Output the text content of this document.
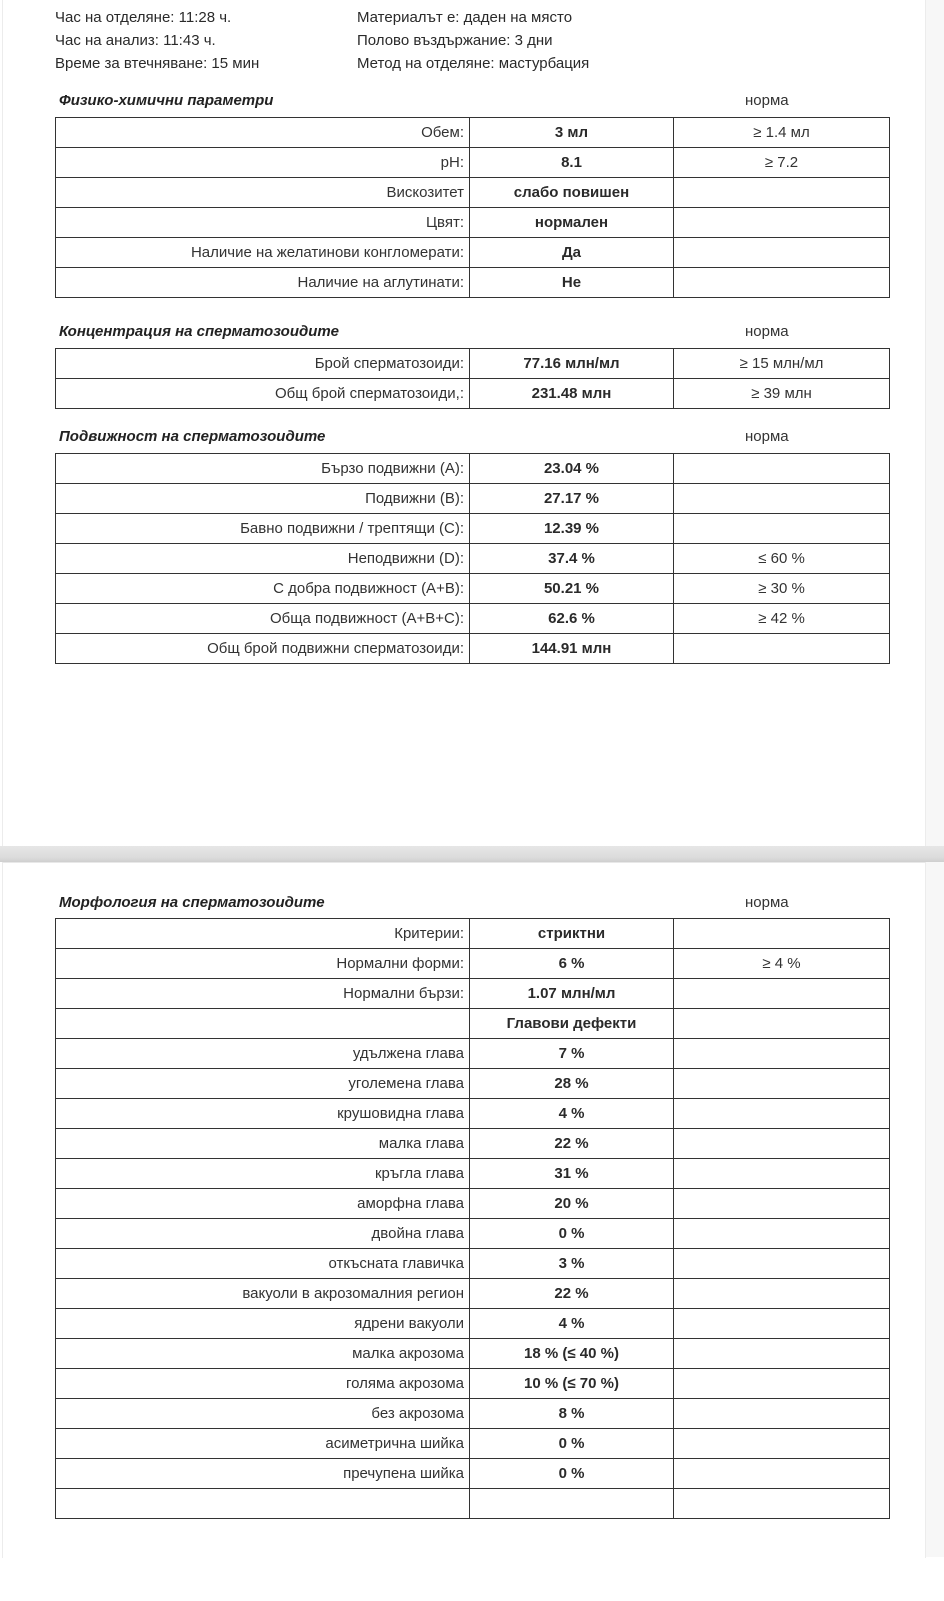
Час на отделяне: 11:28 ч.
Час на анализ: 11:43 ч.
Време за втечняване: 15 мин
Материалът е: даден на място
Полово въздържание: 3 дни
Метод на отделяне: мастурбация
Физико-химични параметри	норма
Обем:	3 мл	≥ 1.4 мл
pH:	8.1	≥ 7.2
Вискозитет	слабо повишен	
Цвят:	нормален	
Наличие на желатинови конгломерати:	Да	
Наличие на аглутинати:	Не	
Концентрация на сперматозоидите	норма
Брой сперматозоиди:	77.16 млн/мл	≥ 15 млн/мл
Общ брой сперматозоиди,:	231.48 млн	≥ 39 млн
Подвижност на сперматозоидите	норма
Бързо подвижни (A):	23.04 %	
Подвижни (B):	27.17 %	
Бавно подвижни / трептящи (C):	12.39 %	
Неподвижни (D):	37.4 %	≤ 60 %
С добра подвижност (A+B):	50.21 %	≥ 30 %
Обща подвижност (A+B+C):	62.6 %	≥ 42 %
Общ брой подвижни сперматозоиди:	144.91 млн	
Морфология на сперматозоидите	норма
Критерии:	стриктни	
Нормални форми:	6 %	≥ 4 %
Нормални бързи:	1.07 млн/мл	
	Главови дефекти	
удължена глава	7 %	
уголемена глава	28 %	
крушовидна глава	4 %	
малка глава	22 %	
кръгла глава	31 %	
аморфна глава	20 %	
двойна глава	0 %	
откъсната главичка	3 %	
вакуоли в акрозомалния регион	22 %	
ядрени вакуоли	4 %	
малка акрозома	18 % (≤ 40 %)	
голяма акрозома	10 % (≤ 70 %)	
без акрозома	8 %	
асиметрична шийка	0 %	
пречупена шийка	0 %	
